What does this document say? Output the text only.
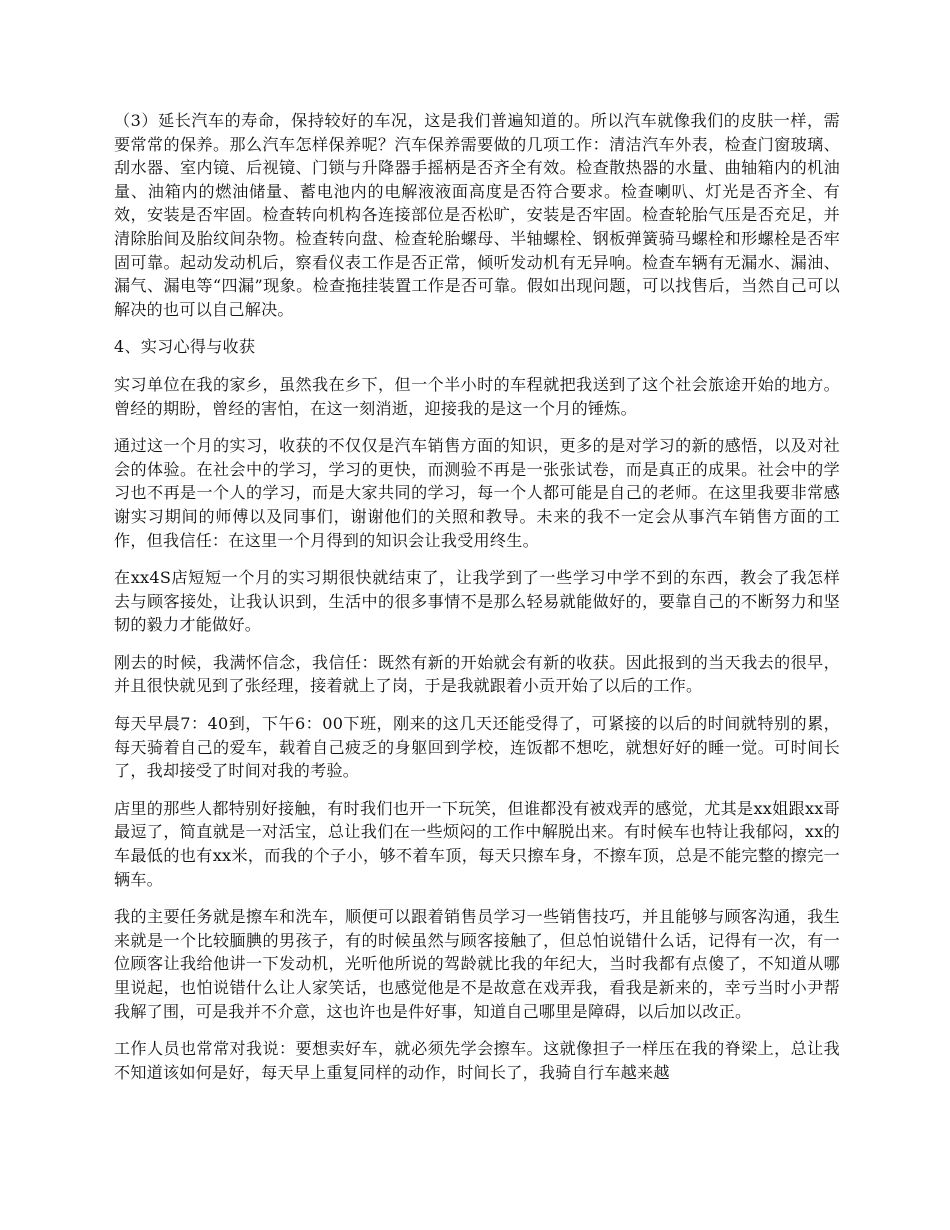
（3）延长汽车的寿命，保持较好的车况，这是我们普遍知道的。所以汽车就像我们的皮肤一样，需要常常的保养。那么汽车怎样保养呢？汽车保养需要做的几项工作：清洁汽车外表，检查门窗玻璃、刮水器、室内镜、后视镜、门锁与升降器手摇柄是否齐全有效。检查散热器的水量、曲轴箱内的机油量、油箱内的燃油储量、蓄电池内的电解液液面高度是否符合要求。检查喇叭、灯光是否齐全、有效，安装是否牢固。检查转向机构各连接部位是否松旷，安装是否牢固。检查轮胎气压是否充足，并清除胎间及胎纹间杂物。检查转向盘、检查轮胎螺母、半轴螺栓、钢板弹簧骑马螺栓和形螺栓是否牢固可靠。起动发动机后，察看仪表工作是否正常，倾听发动机有无异响。检查车辆有无漏水、漏油、漏气、漏电等“四漏”现象。检查拖挂装置工作是否可靠。假如出现问题，可以找售后，当然自己可以解决的也可以自己解决。

4、实习心得与收获

实习单位在我的家乡，虽然我在乡下，但一个半小时的车程就把我送到了这个社会旅途开始的地方。曾经的期盼，曾经的害怕，在这一刻消逝，迎接我的是这一个月的锤炼。

通过这一个月的实习，收获的不仅仅是汽车销售方面的知识，更多的是对学习的新的感悟，以及对社会的体验。在社会中的学习，学习的更快，而测验不再是一张张试卷，而是真正的成果。社会中的学习也不再是一个人的学习，而是大家共同的学习，每一个人都可能是自己的老师。在这里我要非常感谢实习期间的师傅以及同事们，谢谢他们的关照和教导。未来的我不一定会从事汽车销售方面的工作，但我信任：在这里一个月得到的知识会让我受用终生。

在xx4S店短短一个月的实习期很快就结束了，让我学到了一些学习中学不到的东西，教会了我怎样去与顾客接处，让我认识到，生活中的很多事情不是那么轻易就能做好的，要靠自己的不断努力和坚韧的毅力才能做好。

刚去的时候，我满怀信念，我信任：既然有新的开始就会有新的收获。因此报到的当天我去的很早，并且很快就见到了张经理，接着就上了岗，于是我就跟着小贡开始了以后的工作。

每天早晨7：40到，下午6：00下班，刚来的这几天还能受得了，可紧接的以后的时间就特别的累，每天骑着自己的爱车，载着自己疲乏的身躯回到学校，连饭都不想吃，就想好好的睡一觉。可时间长了，我却接受了时间对我的考验。

店里的那些人都特别好接触，有时我们也开一下玩笑，但谁都没有被戏弄的感觉，尤其是xx姐跟xx哥最逗了，简直就是一对活宝，总让我们在一些烦闷的工作中解脱出来。有时候车也特让我郁闷，xx的车最低的也有xx米，而我的个子小，够不着车顶，每天只擦车身，不擦车顶，总是不能完整的擦完一辆车。

我的主要任务就是擦车和洗车，顺便可以跟着销售员学习一些销售技巧，并且能够与顾客沟通，我生来就是一个比较腼腆的男孩子，有的时候虽然与顾客接触了，但总怕说错什么话，记得有一次，有一位顾客让我给他讲一下发动机，光听他所说的驾龄就比我的年纪大，当时我都有点傻了，不知道从哪里说起，也怕说错什么让人家笑话，也感觉他是不是故意在戏弄我，看我是新来的，幸亏当时小尹帮我解了围，可是我并不介意，这也许也是件好事，知道自己哪里是障碍，以后加以改正。

工作人员也常常对我说：要想卖好车，就必须先学会擦车。这就像担子一样压在我的脊梁上，总让我不知道该如何是好，每天早上重复同样的动作，时间长了，我骑自行车越来越
